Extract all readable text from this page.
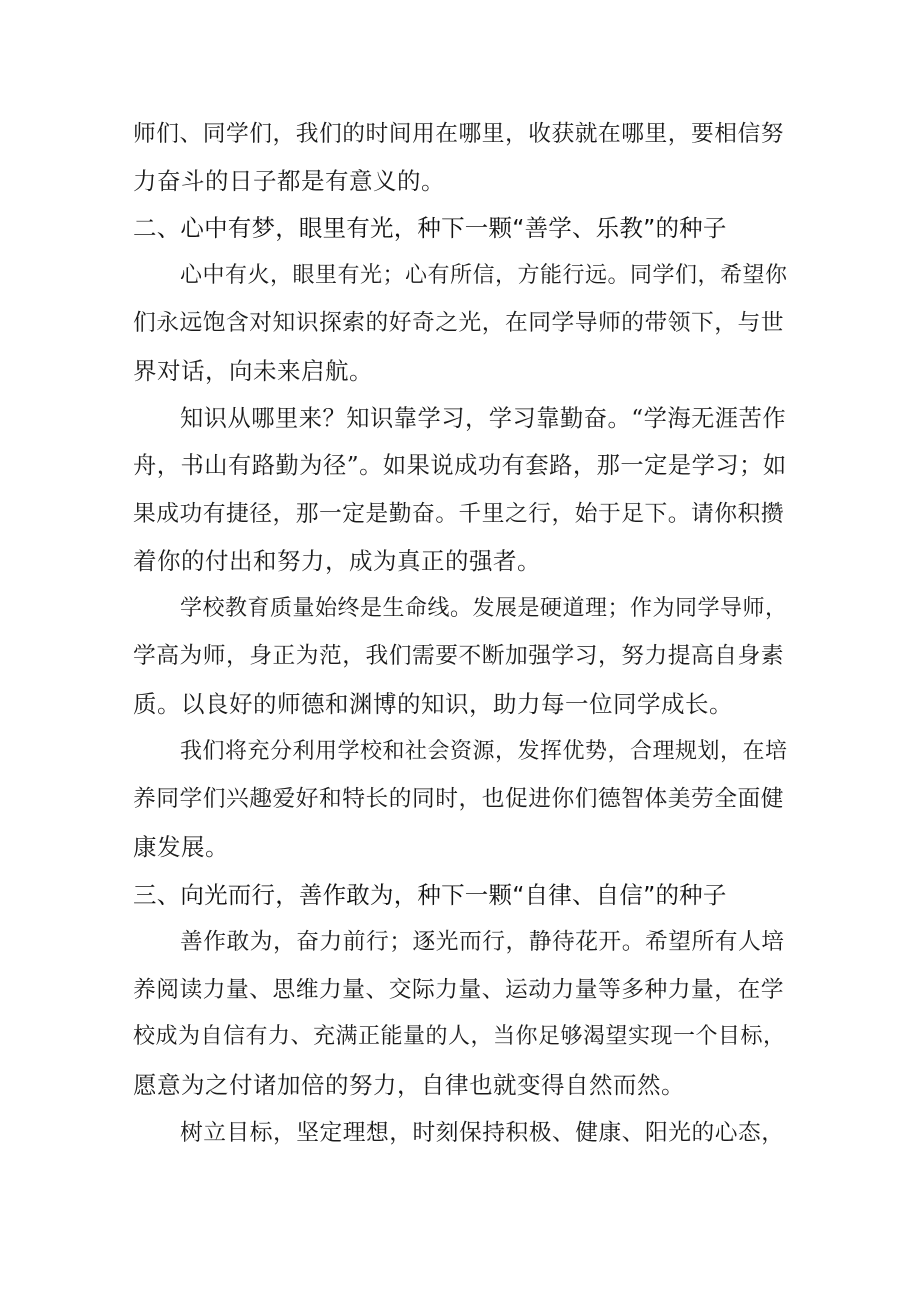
师们、同学们，我们的时间用在哪里，收获就在哪里，要相信努
力奋斗的日子都是有意义的。
二、心中有梦，眼里有光，种下一颗“善学、乐教”的种子
心中有火，眼里有光；心有所信，方能行远。同学们，希望你
们永远饱含对知识探索的好奇之光，在同学导师的带领下，与世
界对话，向未来启航。
知识从哪里来？知识靠学习，学习靠勤奋。“学海无涯苦作
舟，书山有路勤为径”。如果说成功有套路，那一定是学习；如
果成功有捷径，那一定是勤奋。千里之行，始于足下。请你积攒
着你的付出和努力，成为真正的强者。
学校教育质量始终是生命线。发展是硬道理；作为同学导师，
学高为师，身正为范，我们需要不断加强学习，努力提高自身素
质。以良好的师德和渊博的知识，助力每一位同学成长。
我们将充分利用学校和社会资源，发挥优势，合理规划，在培
养同学们兴趣爱好和特长的同时，也促进你们德智体美劳全面健
康发展。
三、向光而行，善作敢为，种下一颗“自律、自信”的种子
善作敢为，奋力前行；逐光而行，静待花开。希望所有人培
养阅读力量、思维力量、交际力量、运动力量等多种力量，在学
校成为自信有力、充满正能量的人，当你足够渴望实现一个目标，
愿意为之付诸加倍的努力，自律也就变得自然而然。
树立目标，坚定理想，时刻保持积极、健康、阳光的心态，
